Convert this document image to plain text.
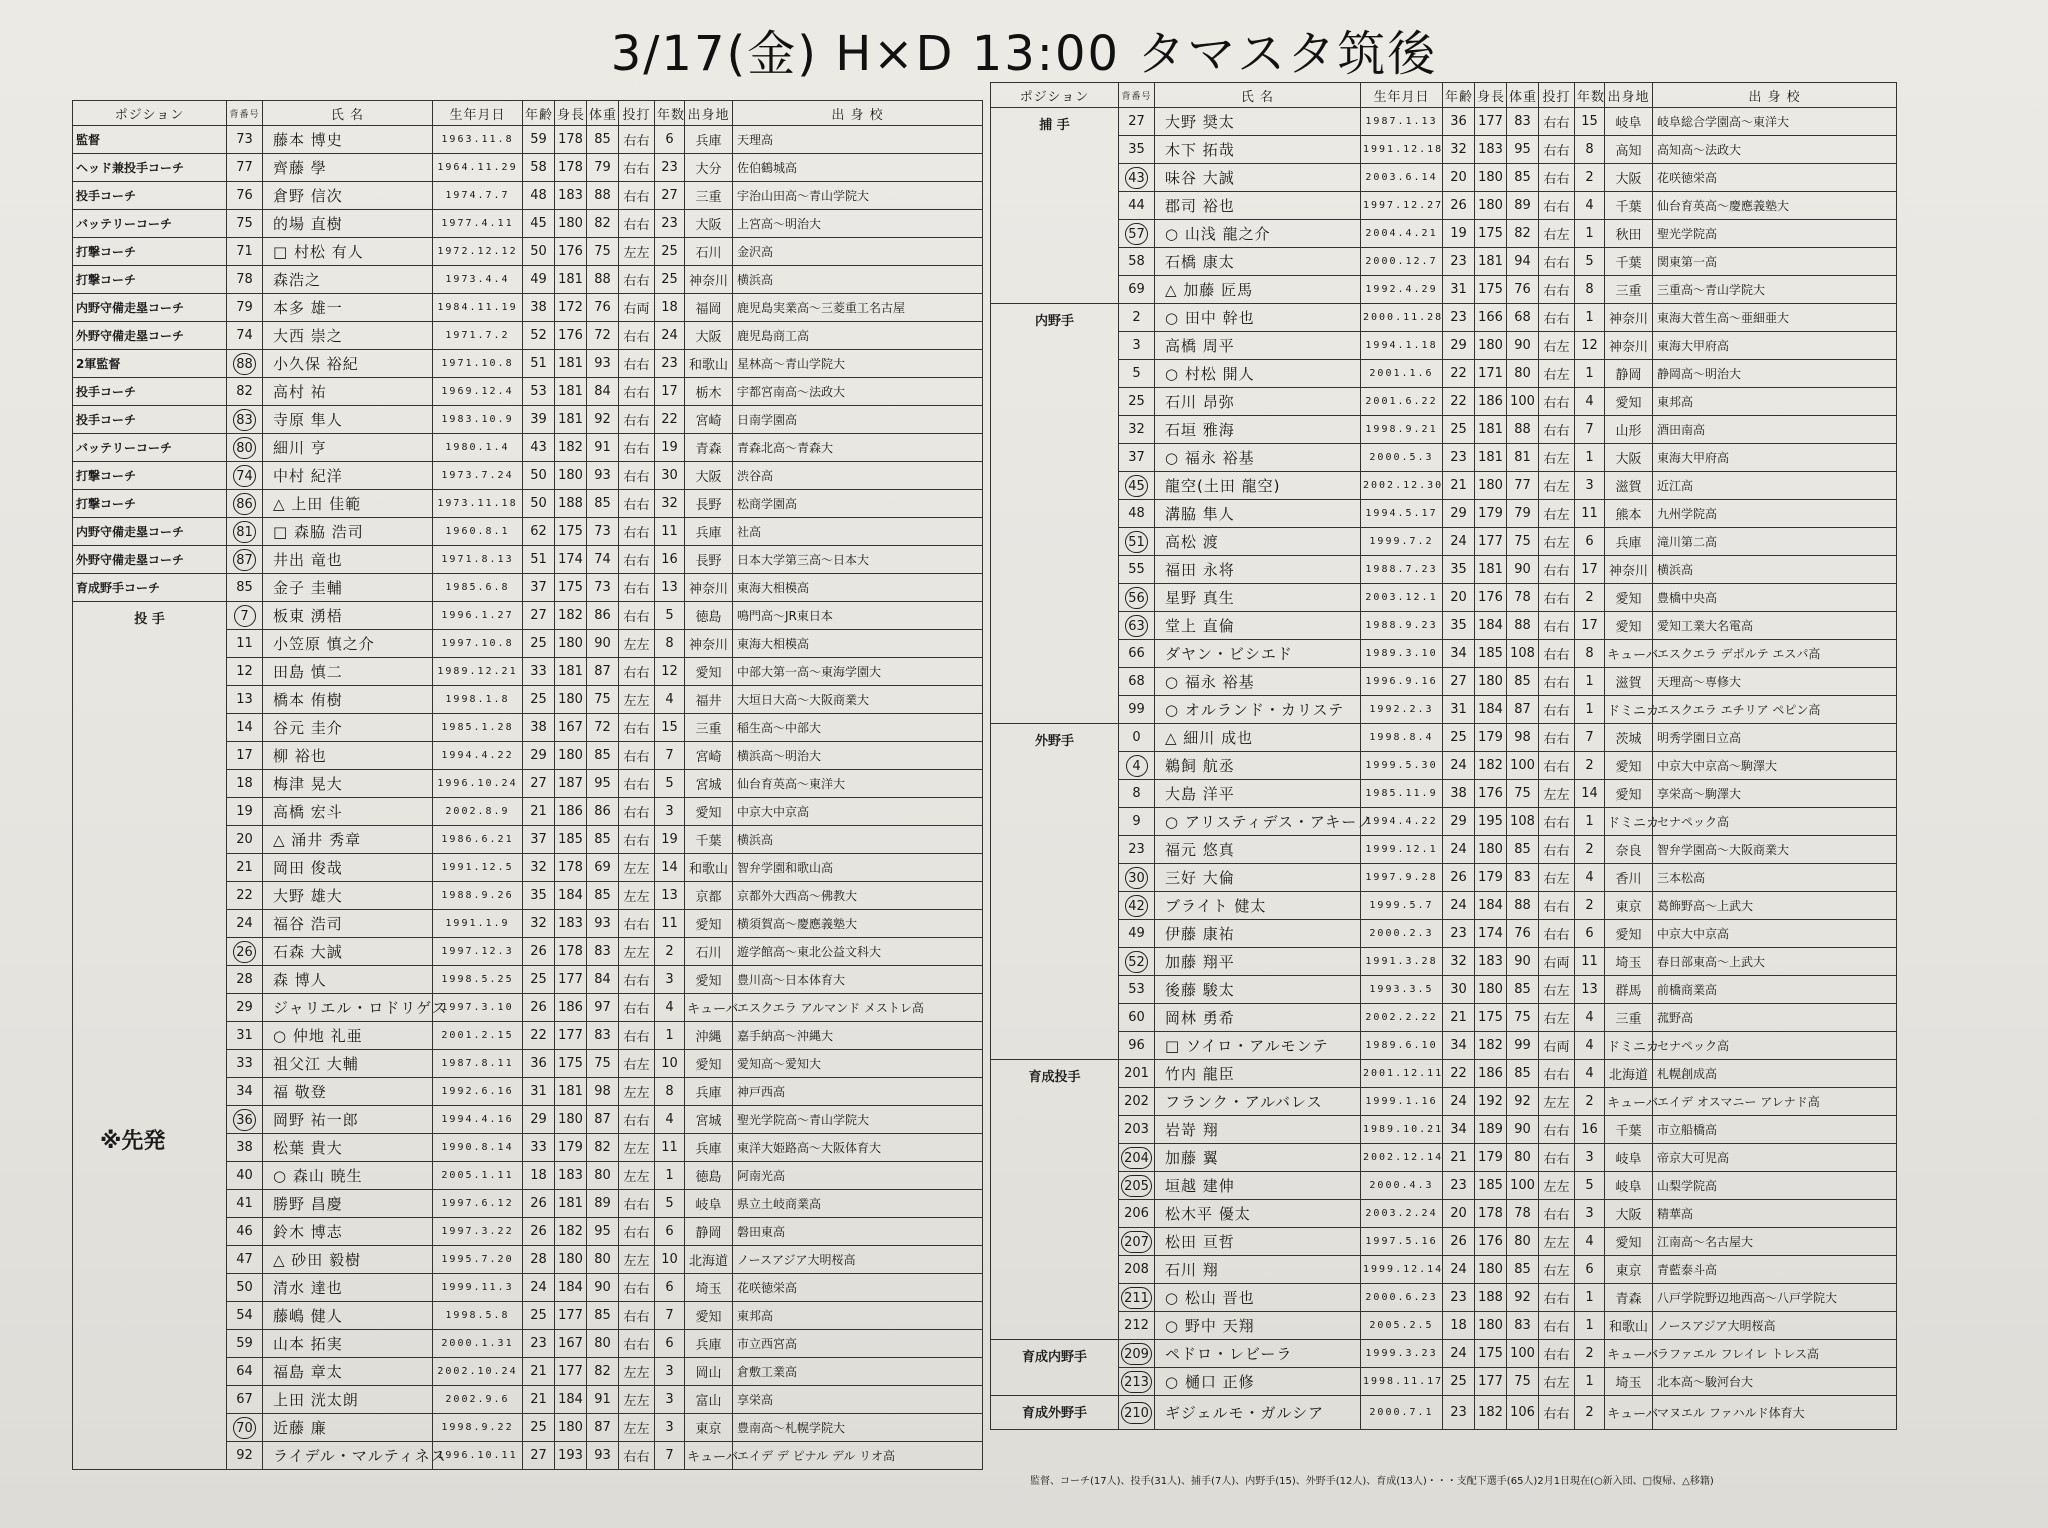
3/17(金) H×D 13:00 タマスタ筑後
ポジション	背番号	氏 名	生年月日	年齢	身長	体重	投打	年数	出身地	出 身 校
監督	73	藤本 博史	1963.11.8	59	178	85	右右	6	兵庫	天理高
ヘッド兼投手コーチ	77	齊藤 學	1964.11.29	58	178	79	右右	23	大分	佐伯鶴城高
投手コーチ	76	倉野 信次	1974.7.7	48	183	88	右右	27	三重	宇治山田高～青山学院大
バッテリーコーチ	75	的場 直樹	1977.4.11	45	180	82	右右	23	大阪	上宮高～明治大
打撃コーチ	71	□ 村松 有人	1972.12.12	50	176	75	左左	25	石川	金沢高
打撃コーチ	78	森浩之	1973.4.4	49	181	88	右右	25	神奈川	横浜高
内野守備走塁コーチ	79	本多 雄一	1984.11.19	38	172	76	右両	18	福岡	鹿児島実業高～三菱重工名古屋
外野守備走塁コーチ	74	大西 崇之	1971.7.2	52	176	72	右右	24	大阪	鹿児島商工高
2軍監督	88	小久保 裕紀	1971.10.8	51	181	93	右右	23	和歌山	星林高～青山学院大
投手コーチ	82	高村 祐	1969.12.4	53	181	84	右右	17	栃木	宇都宮南高～法政大
投手コーチ	83	寺原 隼人	1983.10.9	39	181	92	右右	22	宮崎	日南学園高
バッテリーコーチ	80	細川 亨	1980.1.4	43	182	91	右右	19	青森	青森北高～青森大
打撃コーチ	74	中村 紀洋	1973.7.24	50	180	93	右右	30	大阪	渋谷高
打撃コーチ	86	△ 上田 佳範	1973.11.18	50	188	85	右右	32	長野	松商学園高
内野守備走塁コーチ	81	□ 森脇 浩司	1960.8.1	62	175	73	右右	11	兵庫	社高
外野守備走塁コーチ	87	井出 竜也	1971.8.13	51	174	74	右右	16	長野	日本大学第三高～日本大
育成野手コーチ	85	金子 圭輔	1985.6.8	37	175	73	右右	13	神奈川	東海大相模高
投 手	7	板東 湧梧	1996.1.27	27	182	86	右右	5	徳島	鳴門高～JR東日本
	11	小笠原 慎之介	1997.10.8	25	180	90	左左	8	神奈川	東海大相模高
	12	田島 慎二	1989.12.21	33	181	87	右右	12	愛知	中部大第一高～東海学園大
	13	橋本 侑樹	1998.1.8	25	180	75	左左	4	福井	大垣日大高～大阪商業大
	14	谷元 圭介	1985.1.28	38	167	72	右右	15	三重	稲生高～中部大
	17	柳 裕也	1994.4.22	29	180	85	右右	7	宮崎	横浜高～明治大
	18	梅津 晃大	1996.10.24	27	187	95	右右	5	宮城	仙台育英高～東洋大
	19	高橋 宏斗	2002.8.9	21	186	86	右右	3	愛知	中京大中京高
	20	△ 涌井 秀章	1986.6.21	37	185	85	右右	19	千葉	横浜高
	21	岡田 俊哉	1991.12.5	32	178	69	左左	14	和歌山	智弁学園和歌山高
	22	大野 雄大	1988.9.26	35	184	85	左左	13	京都	京都外大西高～佛教大
	24	福谷 浩司	1991.1.9	32	183	93	右右	11	愛知	横須賀高～慶應義塾大
	26	石森 大誠	1997.12.3	26	178	83	左左	2	石川	遊学館高～東北公益文科大
	28	森 博人	1998.5.25	25	177	84	右右	3	愛知	豊川高～日本体育大
	29	ジャリエル・ロドリゲス	1997.3.10	26	186	97	右右	4	キューバ	エスクエラ アルマンド メストレ高
	31	○ 仲地 礼亜	2001.2.15	22	177	83	右右	1	沖縄	嘉手納高～沖縄大
	33	祖父江 大輔	1987.8.11	36	175	75	右左	10	愛知	愛知高～愛知大
	34	福 敬登	1992.6.16	31	181	98	左左	8	兵庫	神戸西高
	36	岡野 祐一郎	1994.4.16	29	180	87	右右	4	宮城	聖光学院高～青山学院大
	38	松葉 貴大	1990.8.14	33	179	82	左左	11	兵庫	東洋大姫路高～大阪体育大
	40	○ 森山 暁生	2005.1.11	18	183	80	左左	1	徳島	阿南光高
	41	勝野 昌慶	1997.6.12	26	181	89	右右	5	岐阜	県立土岐商業高
	46	鈴木 博志	1997.3.22	26	182	95	右右	6	静岡	磐田東高
	47	△ 砂田 毅樹	1995.7.20	28	180	80	左左	10	北海道	ノースアジア大明桜高
	50	清水 達也	1999.11.3	24	184	90	右右	6	埼玉	花咲徳栄高
	54	藤嶋 健人	1998.5.8	25	177	85	右右	7	愛知	東邦高
	59	山本 拓実	2000.1.31	23	167	80	右右	6	兵庫	市立西宮高
	64	福島 章太	2002.10.24	21	177	82	左左	3	岡山	倉敷工業高
	67	上田 洸太朗	2002.9.6	21	184	91	左左	3	富山	享栄高
	70	近藤 廉	1998.9.22	25	180	87	左左	3	東京	豊南高～札幌学院大
	92	ライデル・マルティネス	1996.10.11	27	193	93	右右	7	キューバ	エイデ デ ピナル デル リオ高
ポジション	背番号	氏 名	生年月日	年齢	身長	体重	投打	年数	出身地	出 身 校
捕 手	27	大野 奨太	1987.1.13	36	177	83	右右	15	岐阜	岐阜総合学園高～東洋大
	35	木下 拓哉	1991.12.18	32	183	95	右右	8	高知	高知高～法政大
	43	味谷 大誠	2003.6.14	20	180	85	右右	2	大阪	花咲徳栄高
	44	郡司 裕也	1997.12.27	26	180	89	右右	4	千葉	仙台育英高～慶應義塾大
	57	○ 山浅 龍之介	2004.4.21	19	175	82	右左	1	秋田	聖光学院高
	58	石橋 康太	2000.12.7	23	181	94	右右	5	千葉	関東第一高
	69	△ 加藤 匠馬	1992.4.29	31	175	76	右右	8	三重	三重高～青山学院大
内野手	2	○ 田中 幹也	2000.11.28	23	166	68	右右	1	神奈川	東海大菅生高～亜細亜大
	3	高橋 周平	1994.1.18	29	180	90	右左	12	神奈川	東海大甲府高
	5	○ 村松 開人	2001.1.6	22	171	80	右左	1	静岡	静岡高～明治大
	25	石川 昂弥	2001.6.22	22	186	100	右右	4	愛知	東邦高
	32	石垣 雅海	1998.9.21	25	181	88	右右	7	山形	酒田南高
	37	○ 福永 裕基	2000.5.3	23	181	81	右左	1	大阪	東海大甲府高
	45	龍空(土田 龍空)	2002.12.30	21	180	77	右左	3	滋賀	近江高
	48	溝脇 隼人	1994.5.17	29	179	79	右左	11	熊本	九州学院高
	51	高松 渡	1999.7.2	24	177	75	右左	6	兵庫	滝川第二高
	55	福田 永将	1988.7.23	35	181	90	右右	17	神奈川	横浜高
	56	星野 真生	2003.12.1	20	176	78	右右	2	愛知	豊橋中央高
	63	堂上 直倫	1988.9.23	35	184	88	右右	17	愛知	愛知工業大名電高
	66	ダヤン・ビシエド	1989.3.10	34	185	108	右右	8	キューバ	エスクエラ デポルテ エスパ高
	68	○ 福永 裕基	1996.9.16	27	180	85	右右	1	滋賀	天理高～専修大
	99	○ オルランド・カリステ	1992.2.3	31	184	87	右右	1	ドミニカ	エスクエラ エチリア ペピン高
外野手	0	△ 細川 成也	1998.8.4	25	179	98	右右	7	茨城	明秀学園日立高
	4	鵜飼 航丞	1999.5.30	24	182	100	右右	2	愛知	中京大中京高～駒澤大
	8	大島 洋平	1985.11.9	38	176	75	左左	14	愛知	享栄高～駒澤大
	9	○ アリスティデス・アキーノ	1994.4.22	29	195	108	右右	1	ドミニカ	セナペック高
	23	福元 悠真	1999.12.1	24	180	85	右右	2	奈良	智弁学園高～大阪商業大
	30	三好 大倫	1997.9.28	26	179	83	右左	4	香川	三本松高
	42	ブライト 健太	1999.5.7	24	184	88	右右	2	東京	葛飾野高～上武大
	49	伊藤 康祐	2000.2.3	23	174	76	右右	6	愛知	中京大中京高
	52	加藤 翔平	1991.3.28	32	183	90	右両	11	埼玉	春日部東高～上武大
	53	後藤 駿太	1993.3.5	30	180	85	右左	13	群馬	前橋商業高
	60	岡林 勇希	2002.2.22	21	175	75	右左	4	三重	菰野高
	96	□ ソイロ・アルモンテ	1989.6.10	34	182	99	右両	4	ドミニカ	セナペック高
育成投手	201	竹内 龍臣	2001.12.11	22	186	85	右右	4	北海道	札幌創成高
	202	フランク・アルバレス	1999.1.16	24	192	92	左左	2	キューバ	エイデ オスマニー アレナド高
	203	岩嵜 翔	1989.10.21	34	189	90	右右	16	千葉	市立船橋高
	204	加藤 翼	2002.12.14	21	179	80	右右	3	岐阜	帝京大可児高
	205	垣越 建伸	2000.4.3	23	185	100	左左	5	岐阜	山梨学院高
	206	松木平 優太	2003.2.24	20	178	78	右右	3	大阪	精華高
	207	松田 亘哲	1997.5.16	26	176	80	左左	4	愛知	江南高～名古屋大
	208	石川 翔	1999.12.14	24	180	85	右左	6	東京	青藍泰斗高
	211	○ 松山 晋也	2000.6.23	23	188	92	右右	1	青森	八戸学院野辺地西高～八戸学院大
	212	○ 野中 天翔	2005.2.5	18	180	83	右右	1	和歌山	ノースアジア大明桜高
育成内野手	209	ペドロ・レビーラ	1999.3.23	24	175	100	右右	2	キューバ	ラファエル フレイレ トレス高
	213	○ 樋口 正修	1998.11.17	25	177	75	右左	1	埼玉	北本高～駿河台大
育成外野手	210	ギジェルモ・ガルシア	2000.7.1	23	182	106	右右	2	キューバ	マヌエル ファハルド体育大
※先発
監督、コーチ(17人)、投手(31人)、捕手(7人)、内野手(15)、外野手(12人)、育成(13人)・・・支配下選手(65人)2月1日現在(○新入団、□復帰、△移籍)
